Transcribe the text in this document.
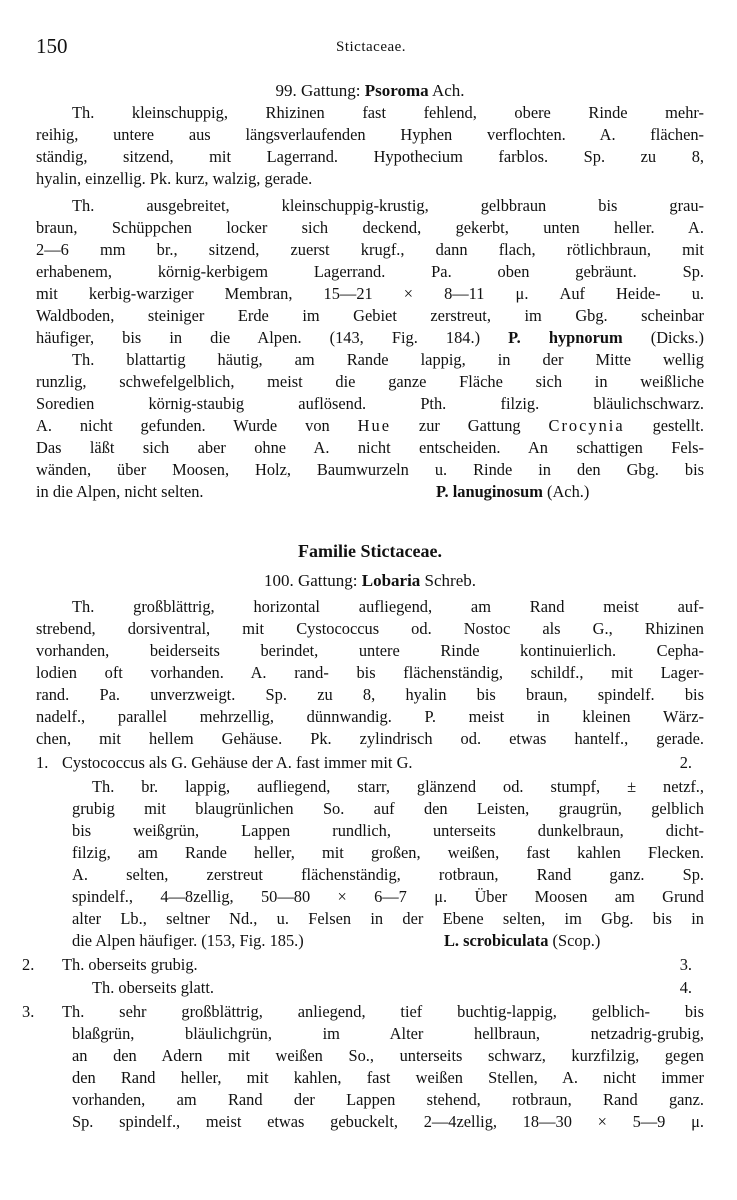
150	Stictaceae.
99. Gattung: Psoroma Ach.
Th. kleinschuppig, Rhizinen fast fehlend, obere Rinde mehr-
reihig, untere aus längsverlaufenden Hyphen verflochten. A. flächen-
ständig, sitzend, mit Lagerrand. Hypothecium farblos. Sp. zu 8,
hyalin, einzellig. Pk. kurz, walzig, gerade.
Th. ausgebreitet, kleinschuppig-krustig, gelbbraun bis grau-
braun, Schüppchen locker sich deckend, gekerbt, unten heller. A.
2—6 mm br., sitzend, zuerst krugf., dann flach, rötlichbraun, mit
erhabenem, körnig-kerbigem Lagerrand. Pa. oben gebräunt. Sp.
mit kerbig-warziger Membran, 15—21 × 8—11 μ. Auf Heide- u.
Waldboden, steiniger Erde im Gebiet zerstreut, im Gbg. scheinbar
häufiger, bis in die Alpen. (143, Fig. 184.) P. hypnorum (Dicks.)
Th. blattartig häutig, am Rande lappig, in der Mitte wellig
runzlig, schwefelgelblich, meist die ganze Fläche sich in weißliche
Soredien körnig-staubig auflösend. Pth. filzig. bläulichschwarz.
A. nicht gefunden. Wurde von Hue zur Gattung Crocynia gestellt.
Das läßt sich aber ohne A. nicht entscheiden. An schattigen Fels-
wänden, über Moosen, Holz, Baumwurzeln u. Rinde in den Gbg. bis
in die Alpen, nicht selten.	P. lanuginosum (Ach.)
Familie Stictaceae.
100. Gattung: Lobaria Schreb.
Th. großblättrig, horizontal aufliegend, am Rand meist auf-
strebend, dorsiventral, mit Cystococcus od. Nostoc als G., Rhizinen
vorhanden, beiderseits berindet, untere Rinde kontinuierlich. Cepha-
lodien oft vorhanden. A. rand- bis flächenständig, schildf., mit Lager-
rand. Pa. unverzweigt. Sp. zu 8, hyalin bis braun, spindelf. bis
nadelf., parallel mehrzellig, dünnwandig. P. meist in kleinen Wärz-
chen, mit hellem Gehäuse. Pk. zylindrisch od. etwas hantelf., gerade.
1. Cystococcus als G. Gehäuse der A. fast immer mit G.	2.
Th. br. lappig, aufliegend, starr, glänzend od. stumpf, ± netzf.,
grubig mit blaugrünlichen So. auf den Leisten, graugrün, gelblich
bis weißgrün, Lappen rundlich, unterseits dunkelbraun, dicht-
filzig, am Rande heller, mit großen, weißen, fast kahlen Flecken.
A. selten, zerstreut flächenständig, rotbraun, Rand ganz. Sp.
spindelf., 4—8zellig, 50—80 × 6—7 μ. Über Moosen am Grund
alter Lb., seltner Nd., u. Felsen in der Ebene selten, im Gbg. bis in
die Alpen häufiger. (153, Fig. 185.)	L. scrobiculata (Scop.)
2. Th. oberseits grubig.	3.
Th. oberseits glatt.	4.
3. Th. sehr großblättrig, anliegend, tief buchtig-lappig, gelblich- bis
blaßgrün, bläulichgrün, im Alter hellbraun, netzadrig-grubig,
an den Adern mit weißen So., unterseits schwarz, kurzfilzig, gegen
den Rand heller, mit kahlen, fast weißen Stellen, A. nicht immer
vorhanden, am Rand der Lappen stehend, rotbraun, Rand ganz.
Sp. spindelf., meist etwas gebuckelt, 2—4zellig, 18—30 × 5—9 μ.
